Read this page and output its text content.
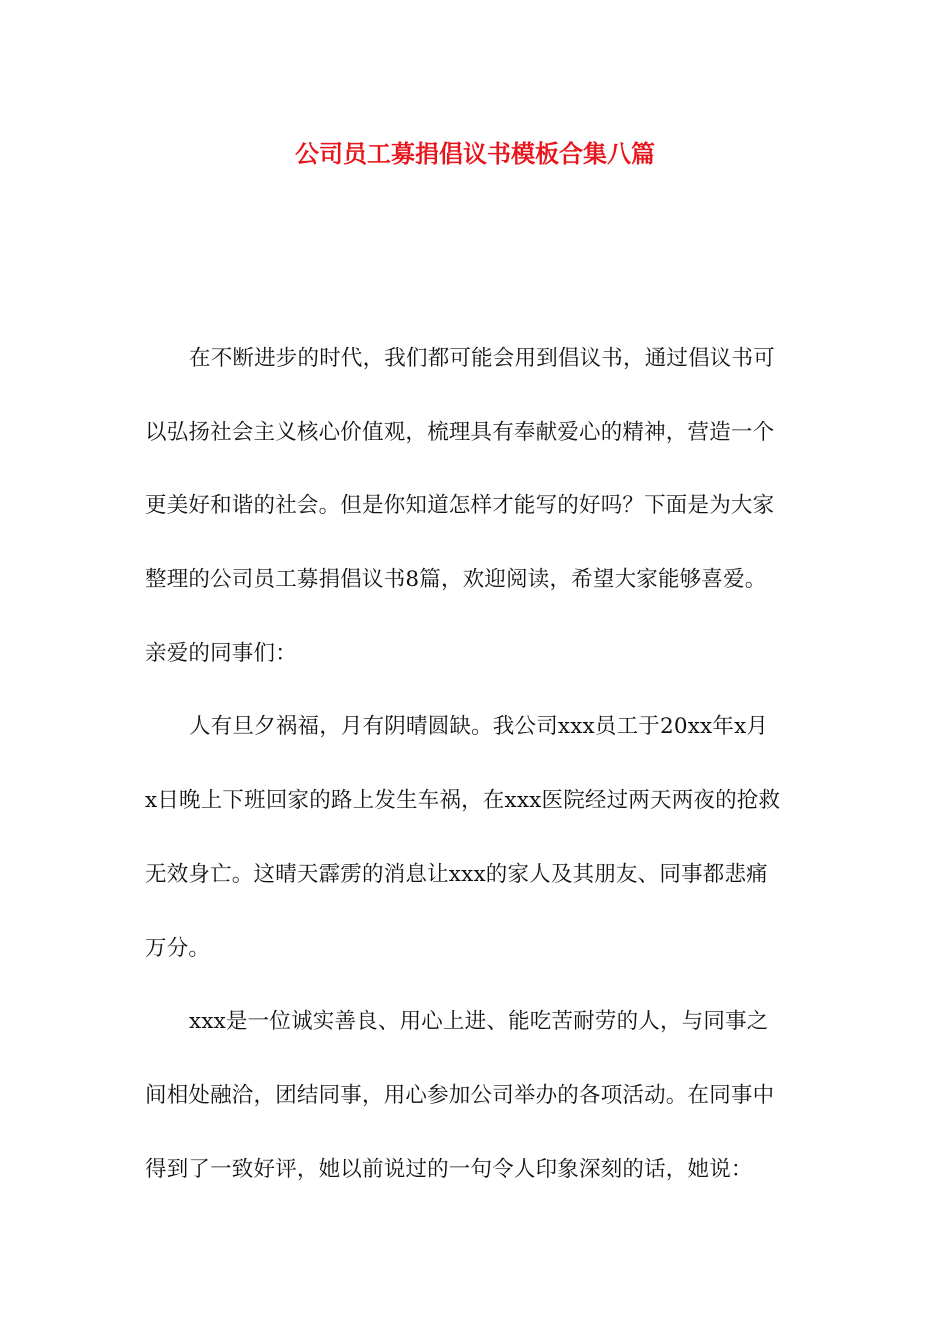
公司员工募捐倡议书模板合集八篇
在不断进步的时代，我们都可能会用到倡议书，通过倡议书可
以弘扬社会主义核心价值观，梳理具有奉献爱心的精神，营造一个
更美好和谐的社会。但是你知道怎样才能写的好吗？下面是为大家
整理的公司员工募捐倡议书8篇，欢迎阅读，希望大家能够喜爱。
亲爱的同事们：
人有旦夕祸福，月有阴晴圆缺。我公司xxx员工于20xx年x月
x日晚上下班回家的路上发生车祸，在xxx医院经过两天两夜的抢救
无效身亡。这晴天霹雳的消息让xxx的家人及其朋友、同事都悲痛
万分。
xxx是一位诚实善良、用心上进、能吃苦耐劳的人，与同事之
间相处融洽，团结同事，用心参加公司举办的各项活动。在同事中
得到了一致好评，她以前说过的一句令人印象深刻的话，她说：
